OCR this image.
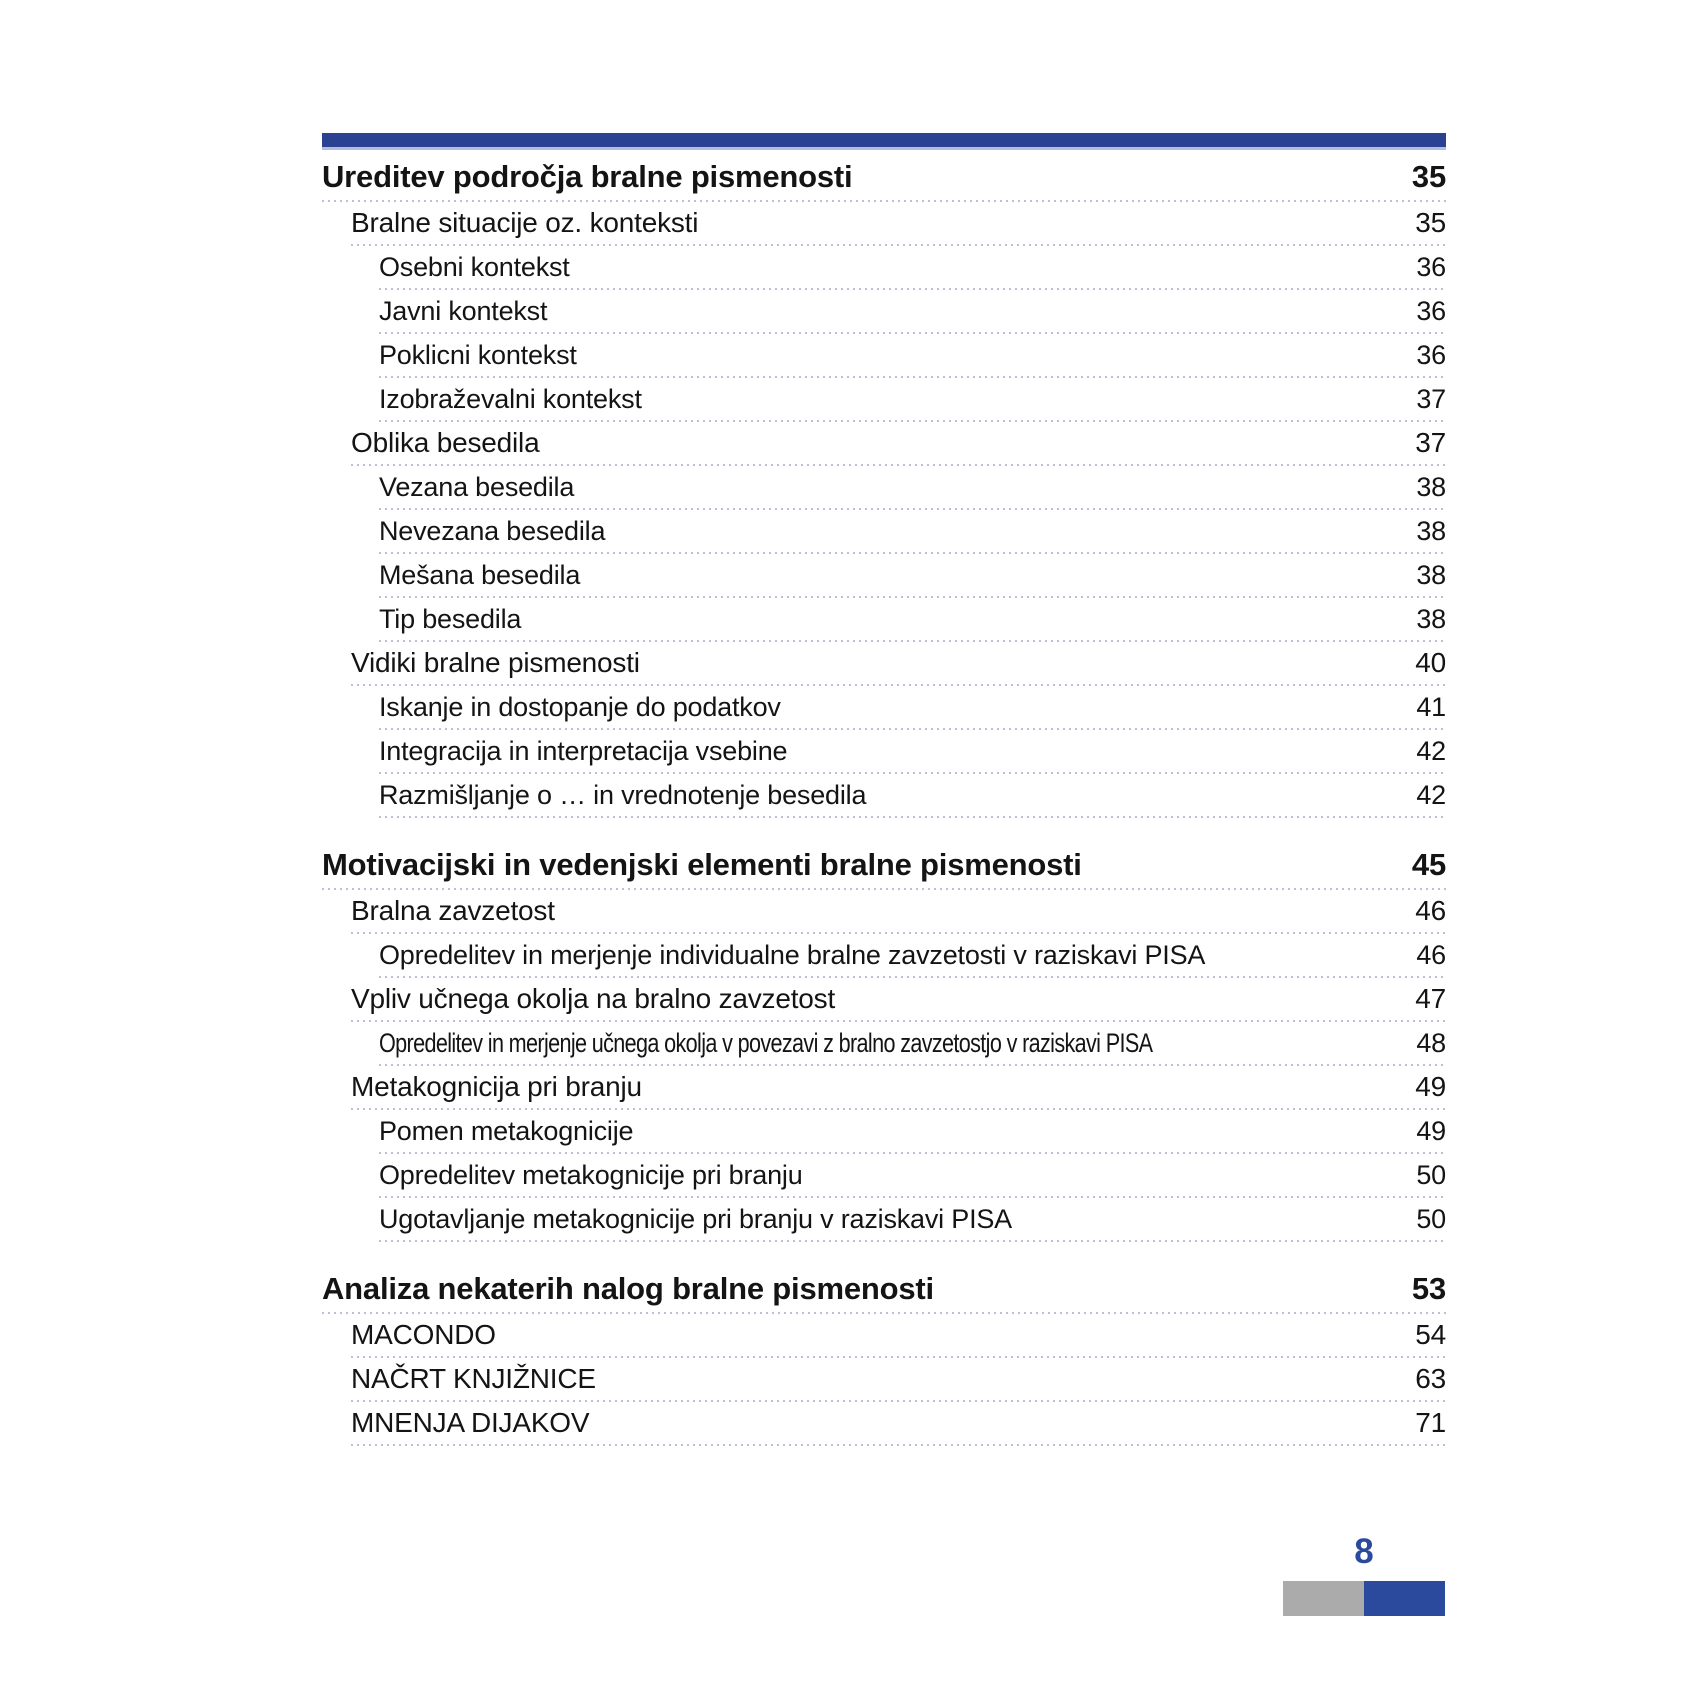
Ureditev področja bralne pismenosti	35
Bralne situacije oz. konteksti	35
Osebni kontekst	36
Javni kontekst	36
Poklicni kontekst	36
Izobraževalni kontekst	37
Oblika besedila	37
Vezana besedila	38
Nevezana besedila	38
Mešana besedila	38
Tip besedila	38
Vidiki bralne pismenosti	40
Iskanje in dostopanje do podatkov	41
Integracija in interpretacija vsebine	42
Razmišljanje o … in vrednotenje besedila	42
Motivacijski in vedenjski elementi bralne pismenosti	45
Bralna zavzetost	46
Opredelitev in merjenje individualne bralne zavzetosti v raziskavi PISA	46
Vpliv učnega okolja na bralno zavzetost	47
Opredelitev in merjenje učnega okolja v povezavi z bralno zavzetostjo v raziskavi PISA	48
Metakognicija pri branju	49
Pomen metakognicije	49
Opredelitev metakognicije pri branju	50
Ugotavljanje metakognicije pri branju v raziskavi PISA	50
Analiza nekaterih nalog bralne pismenosti	53
MACONDO	54
NAČRT KNJIŽNICE	63
MNENJA DIJAKOV	71
8
